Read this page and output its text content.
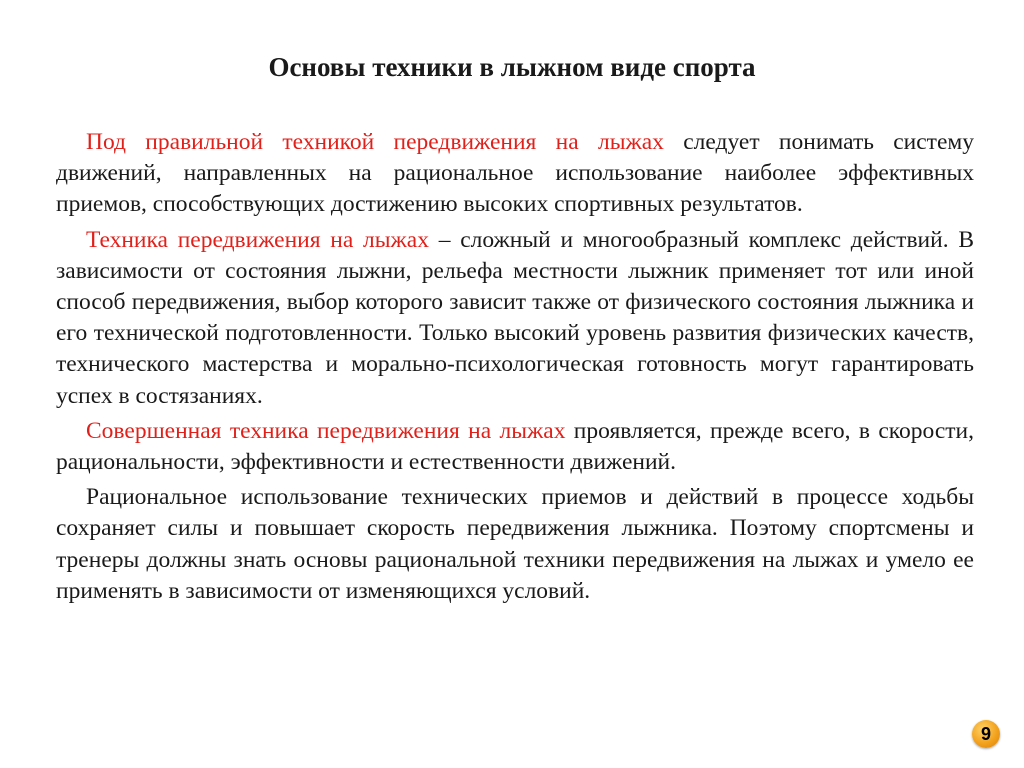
Основы техники в лыжном виде спорта

Под правильной техникой передвижения на лыжах следует понимать систему движений, направленных на рациональное использование наиболее эффективных приемов, способствующих достижению высоких спортивных результатов.

Техника передвижения на лыжах – сложный и многообразный комплекс действий. В зависимости от состояния лыжни, рельефа местности лыжник применяет тот или иной способ передвижения, выбор которого зависит также от физического состояния лыжника и его технической подготовленности. Только высокий уровень развития физических качеств, технического мастерства и морально-психологическая готовность могут гарантировать успех в состязаниях.

Совершенная техника передвижения на лыжах проявляется, прежде всего, в скорости, рациональности, эффективности и естественности движений.

Рациональное использование технических приемов и действий в процессе ходьбы сохраняет силы и повышает скорость передвижения лыжника. Поэтому спортсмены и тренеры должны знать основы рациональной техники передвижения на лыжах и умело ее применять в зависимости от изменяющихся условий.

9
